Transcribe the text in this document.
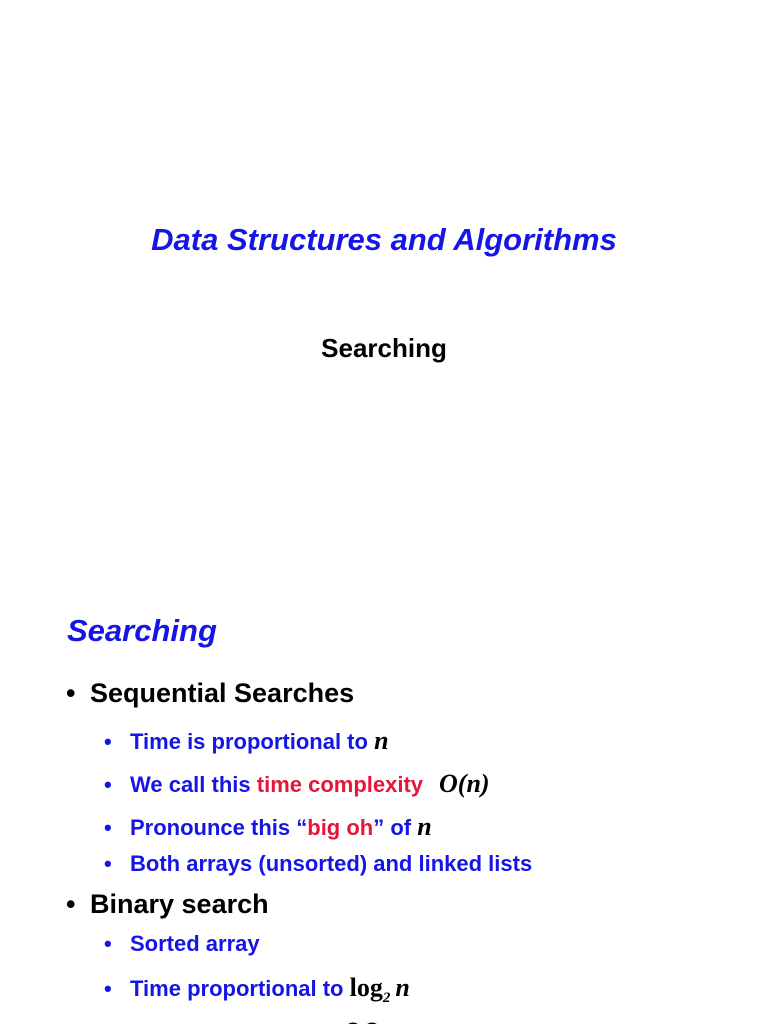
Data Structures and Algorithms
Searching
Searching
• Sequential Searches
• Time is proportional to n
• We call this time complexity O(n)
• Pronounce this “big oh” of n
• Both arrays (unsorted) and linked lists
• Binary search
• Sorted array
• Time proportional to $\log_2 n$
